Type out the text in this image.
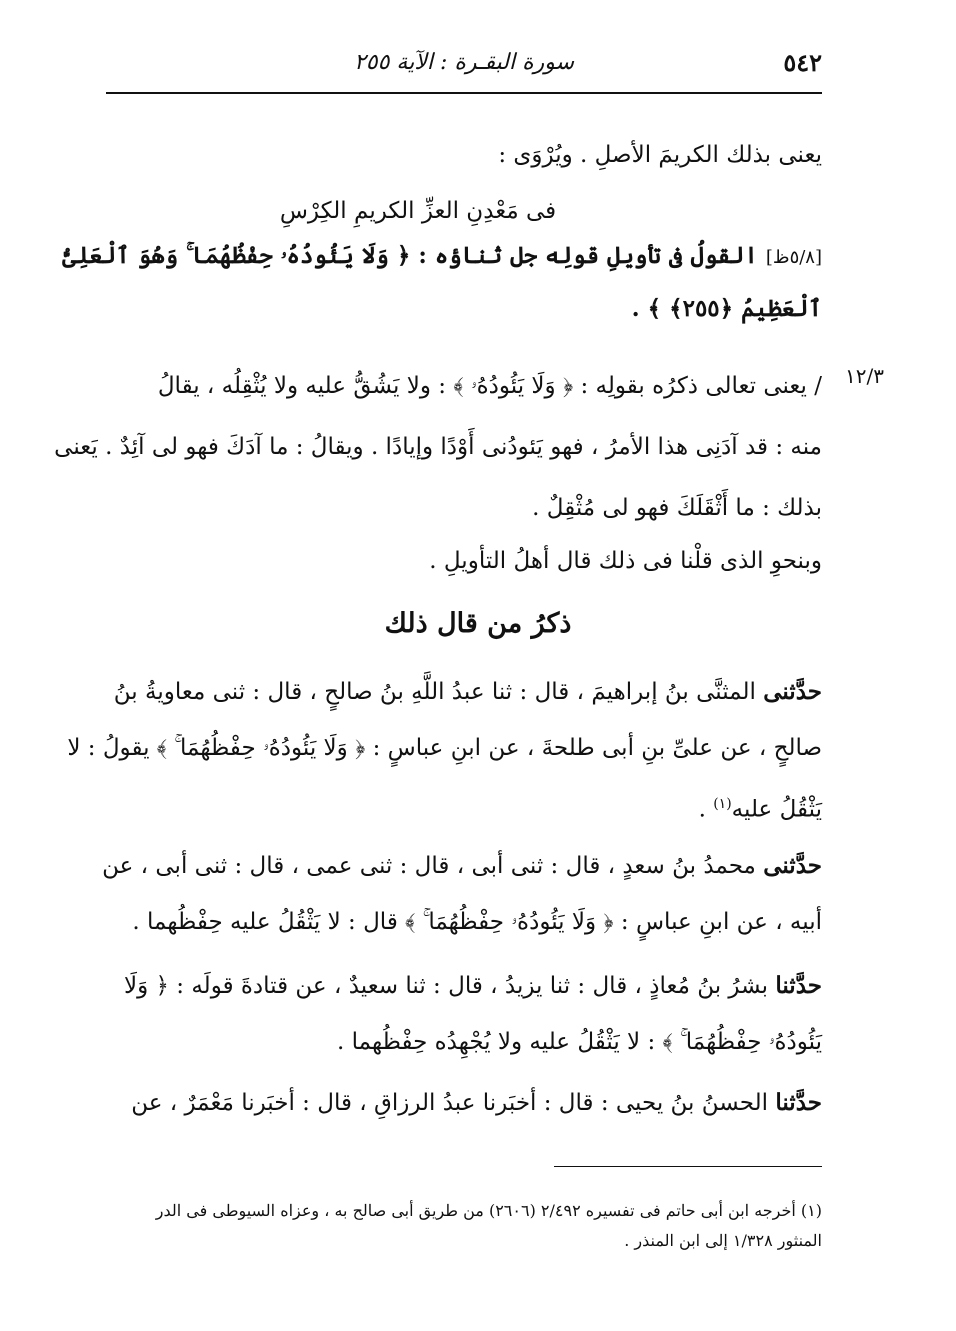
٥٤٢
سورة البقـرة : الآية ٢٥٥
يعنى بذلك الكريمَ الأصلِ . ويُرْوَى :
فى مَعْدِنِ العزِّ الكريمِ الكِرْسِ
[٥/٨ظ] القولُ فى تأويلِ قولِه جل ثناؤه : ﴿ وَلَا يَئُودُهُۥ حِفْظُهُمَا ۚ وَهُوَ ٱلْعَلِىُّ
ٱلْعَظِيمُ ﴿٢٥٥﴾ ﴾ .
١٢/٣
/ يعنى تعالى ذكرُه بقولِه : ﴿ وَلَا يَئُودُهُۥ ﴾ : ولا يَشُقُّ عليه ولا يُثْقِلُه ، يقالُ
منه : قد آدَنِى هذا الأمرُ ، فهو يَئودُنى أَوْدًا وإيادًا . ويقالُ : ما آدَكَ فهو لى آئِدٌ . يَعنى
بذلك : ما أَثْقَلَكَ فهو لى مُثْقِلٌ .
وبنحوِ الذى قلْنا فى ذلك قال أهلُ التأويلِ .
ذكرُ من قال ذلك
حدَّثنى المثنَّى بنُ إبراهيمَ ، قال : ثنا عبدُ اللَّهِ بنُ صالحٍ ، قال : ثنى معاويةُ بنُ
صالحٍ ، عن علىِّ بنِ أبى طلحةَ ، عن ابنِ عباسٍ : ﴿ وَلَا يَئُودُهُۥ حِفْظُهُمَا ۚ ﴾ يقولُ : لا
يَثْقُلُ عليه$^{(١)}$ .
حدَّثنى محمدُ بنُ سعدٍ ، قال : ثنى أبى ، قال : ثنى عمى ، قال : ثنى أبى ، عن
أبيه ، عن ابنِ عباسٍ : ﴿ وَلَا يَئُودُهُۥ حِفْظُهُمَا ۚ ﴾ قال : لا يَثْقُلُ عليه حِفْظُهما .
حدَّثنا بشرُ بنُ مُعاذٍ ، قال : ثنا يزيدُ ، قال : ثنا سعيدٌ ، عن قتادةَ قولَه : ﴿ وَلَا
يَئُودُهُۥ حِفْظُهُمَا ۚ ﴾ : لا يَثْقُلُ عليه ولا يُجْهِدُه حِفْظُهما .
حدَّثنا الحسنُ بنُ يحيى : قال : أخبَرنا عبدُ الرزاقِ ، قال : أخبَرنا مَعْمَرٌ ، عن
(١) أخرجه ابن أبى حاتم فى تفسيره ٢/٤٩٢ (٢٦٠٦) من طريق أبى صالح به ، وعزاه السيوطى فى الدر
المنثور ١/٣٢٨ إلى ابن المنذر .
